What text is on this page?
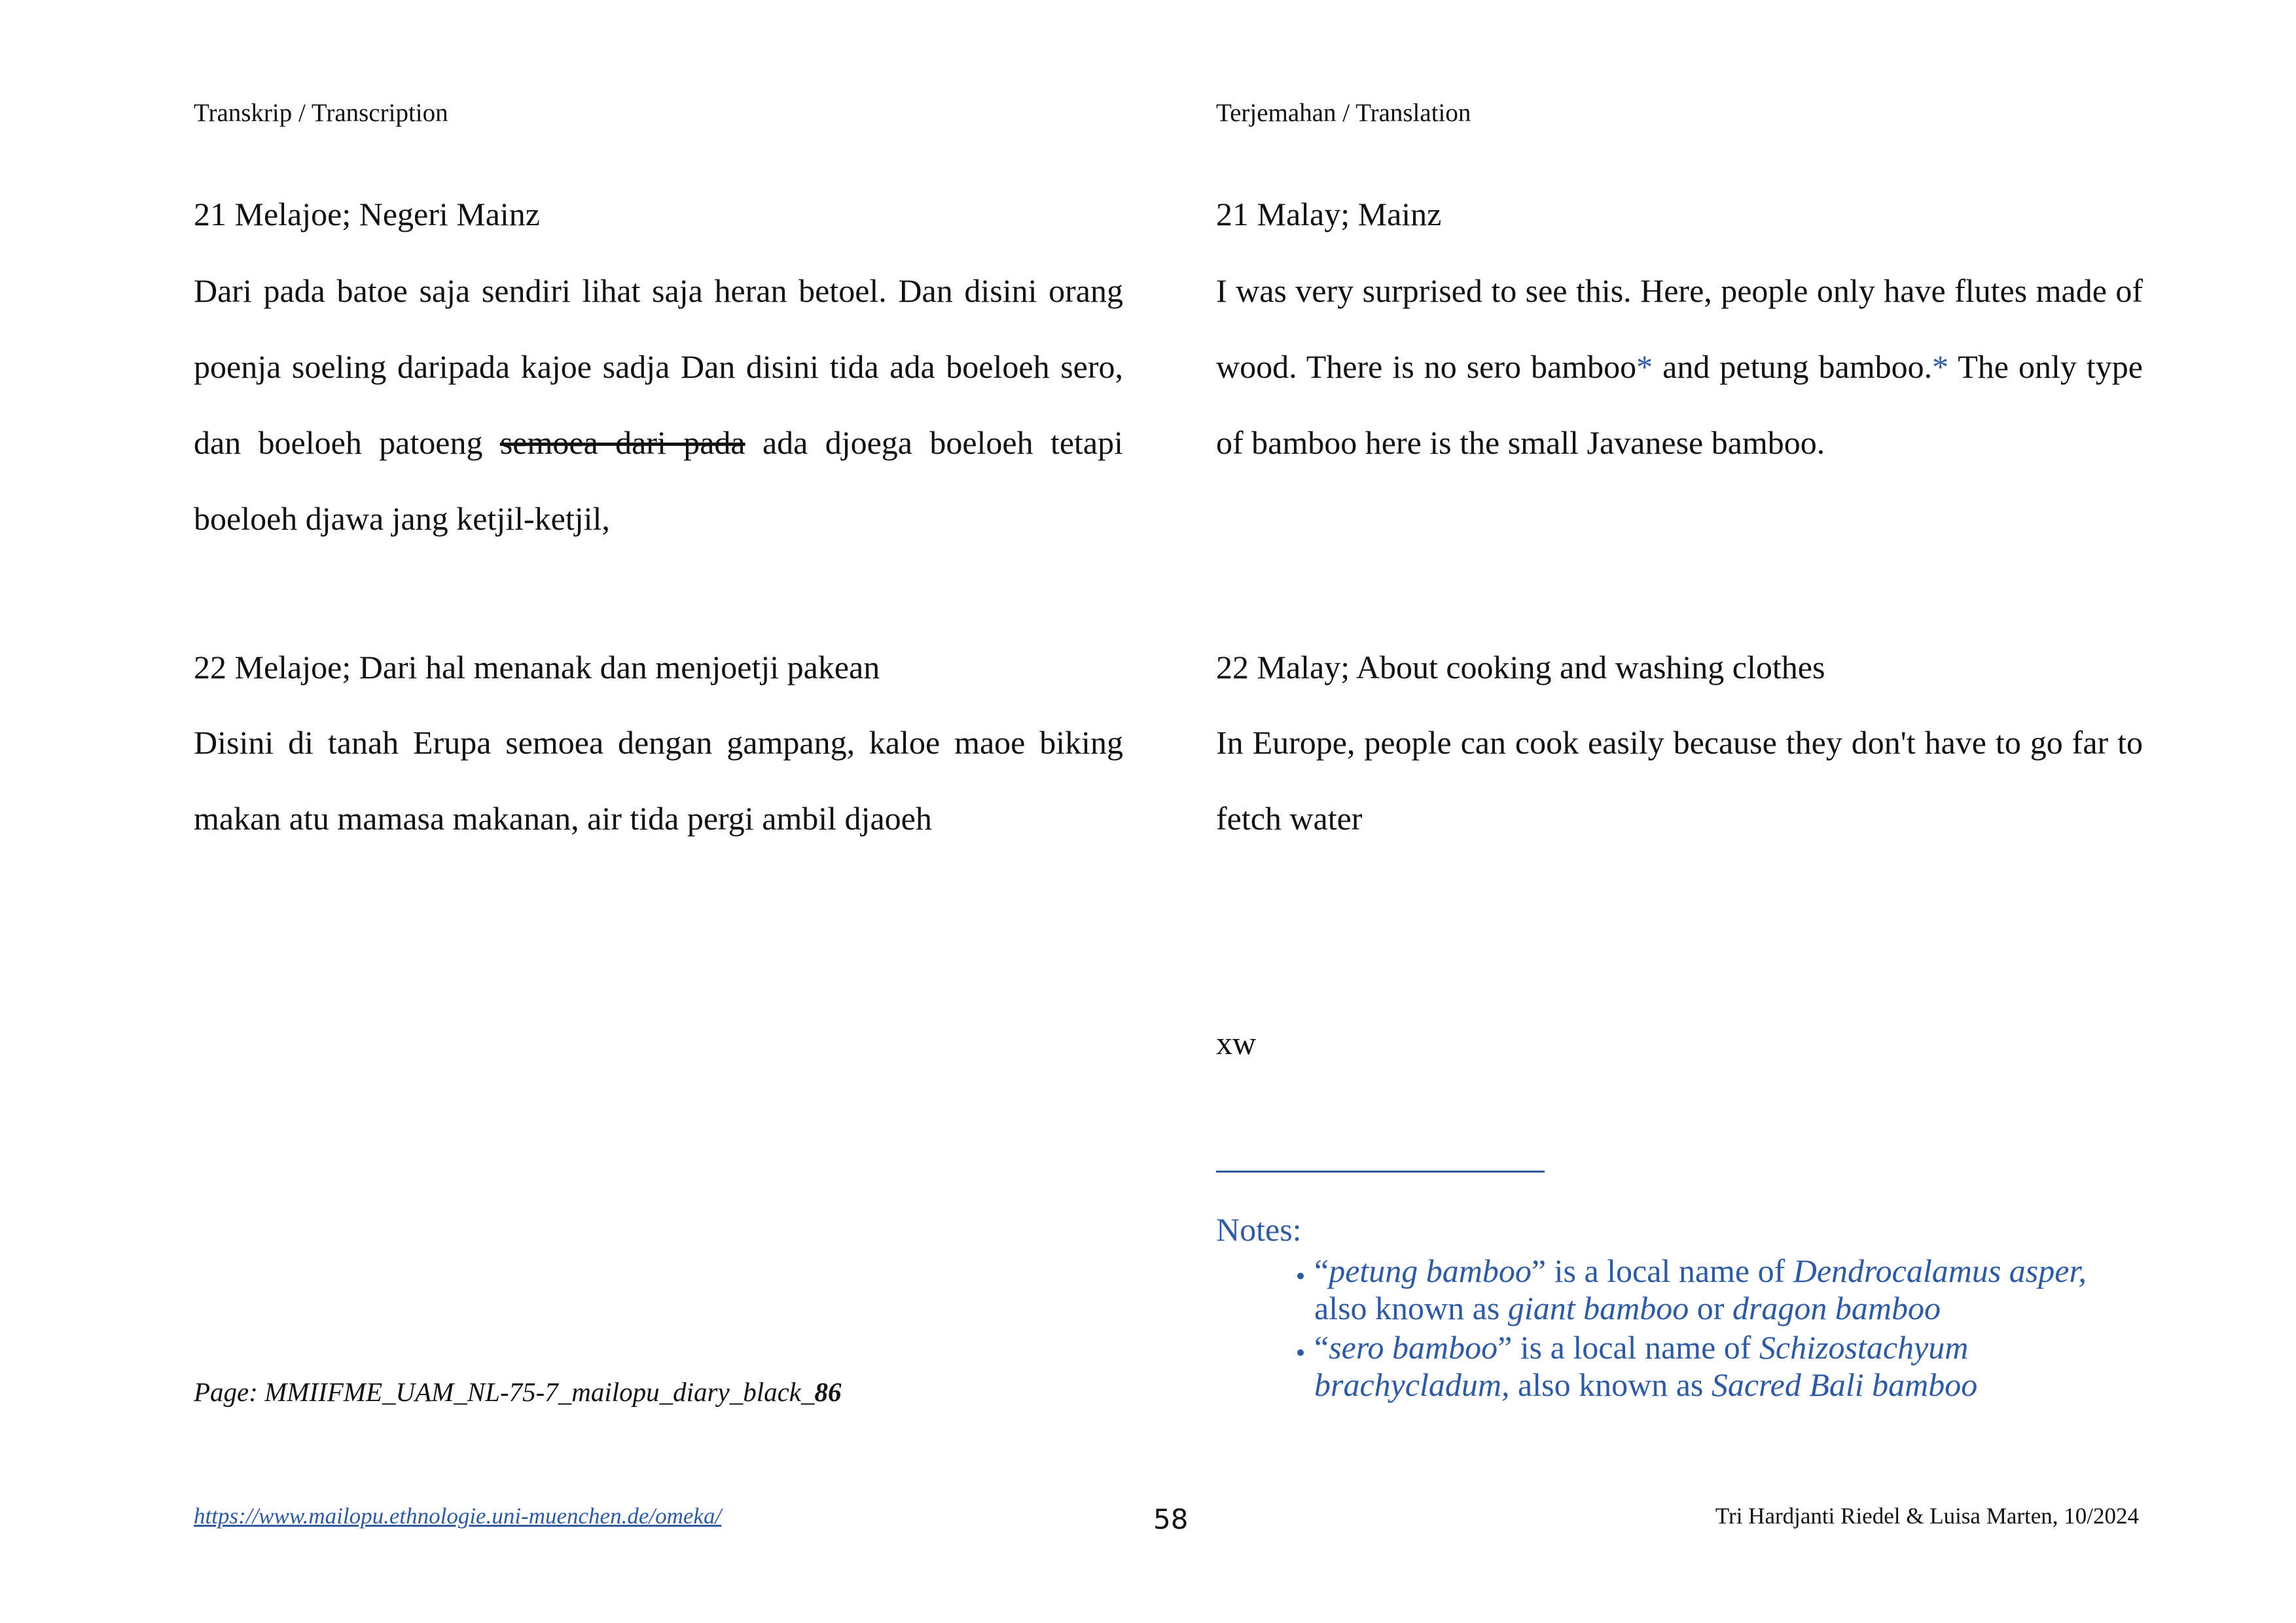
Transkrip / Transcription	Terjemahan / Translation
21 Melajoe; Negeri Mainz

Dari pada batoe saja sendiri lihat saja heran betoel. Dan disini orang poenja soeling daripada kajoe sadja Dan disini tida ada boeloeh sero, dan boeloeh patoeng semoea dari pada ada djoega boeloeh tetapi boeloeh djawa jang ketjil-ketjil,

22 Melajoe; Dari hal menanak dan menjoetji pakean

Disini di tanah Erupa semoea dengan gampang, kaloe maoe biking makan atu mamasa makanan, air tida pergi ambil djaoeh

Page: MMIIFME_UAM_NL-75-7_mailopu_diary_black_86
21 Malay; Mainz

I was very surprised to see this. Here, people only have flutes made of wood. There is no sero bamboo* and petung bamboo.* The only type of bamboo here is the small Javanese bamboo.

22 Malay; About cooking and washing clothes

In Europe, people can cook easily because they don't have to go far to fetch water

xw
Notes:
• “petung bamboo” is a local name of Dendrocalamus asper, also known as giant bamboo or dragon bamboo
• “sero bamboo” is a local name of Schizostachyum brachycladum, also known as Sacred Bali bamboo
https://www.mailopu.ethnologie.uni-muenchen.de/omeka/	58	Tri Hardjanti Riedel & Luisa Marten, 10/2024
